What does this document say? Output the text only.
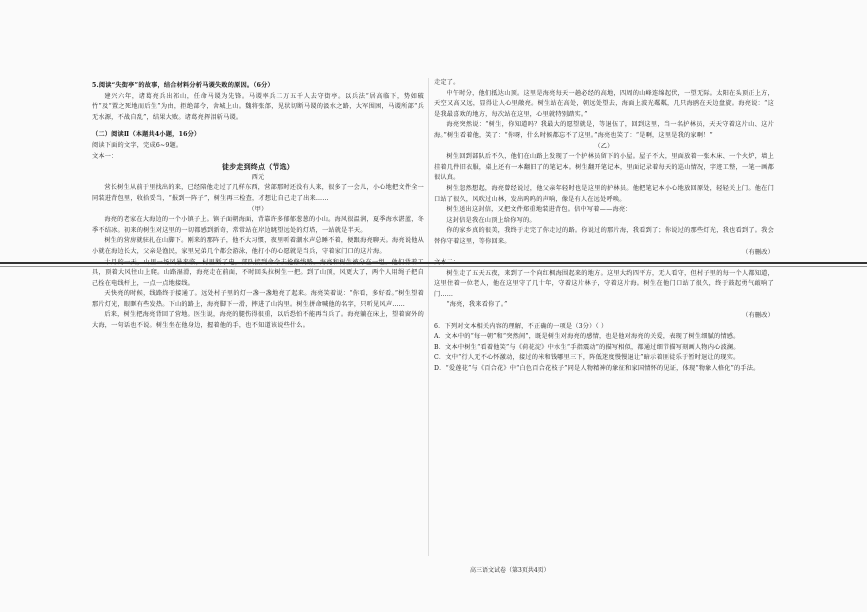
5.阅读“失街亭”的故事，结合材料分析马谡失败的原因。（6分）

建兴六年，诸葛亮兵出祁山，任命马谡为先锋。马谡率兵二万五千人去守街亭。以兵法“居高临下，势如破竹”及“置之死地而后生”为由，拒绝部令，舍城上山。魏将张郃，见状切断马谡的汲水之路，大军围困，马谡所部“兵无水源，不战自乱”，结果大败。诸葛亮挥泪斩马谡。

（二）阅读Ⅱ（本题共4小题，16分）

阅读下面的文字，完成6~9题。

文本一：

徒步走到终点（节选）

西元

营长树生从前于里找出的来，已经陪他走过了几样东西，营部那时还没有人来，很多了一会儿，小心地把文件全一同装进背包里，收拾妥当，“报到一阵子”，树生再三检查，才想让自己走了出来……

（甲）

海亮的老家在大海边的一个小镇子上。镇子面朝海面，背靠许多郁郁葱葱的小山。海风很温润，夏季海水湛蓝，冬季不结冰。初来的树生对这里的一切都感到新奇，常常站在岸边眺望远处的灯塔，一站就是半天。

树生的营房就驻扎在山脚下。刚来的那阵子，他不大习惯，夜里听着潮水声总睡不着，便跟海亮聊天。海亮说他从小就在海边长大，父亲是渔民，家里兄弟几个都会游泳，他打小的心愿就是当兵，守着家门口的这片海。

具，顶着大风往山上爬。山路湿滑，海亮走在前面，不时回头拉树生一把。到了山顶，风更大了，两个人用绳子把自己拴在电线杆上，一点一点地接线。

天快亮的时候，线路终于接通了。远处村子里的灯一盏一盏地亮了起来。海亮笑着说：“你看，多好看。”树生望着那片灯光，眼眶有些发热。下山的路上，海亮脚下一滑，摔进了山沟里。树生拼命喊他的名字，只听见风声……

后来，树生把海亮背回了营地。医生说，海亮的腿伤得很重，以后恐怕不能再当兵了。海亮躺在床上，望着窗外的大海，一句话也不说。树生坐在他身边，握着他的手，也不知道该说些什么。

走定了。

中午时分，他们抵达山顶。这里是海亮每天一趟必经的高地，四周的山峰连绵起伏，一望无际。太阳在头顶正上方，天空又高又远，显得让人心里敞亮。树生站在高处，朝远处望去，海面上波光粼粼，几只海鸥在天边盘旋。海亮说：“这是我最喜欢的地方，每次站在这里，心里就特别踏实。”

海亮突然说：“树生，你知道吗？我最大的愿望就是，等退伍了，回到这里，当一名护林员，天天守着这片山、这片海。”树生看着他，笑了：“你呀，什么时候都忘不了这里。”海亮也笑了：“是啊，这里是我的家啊！”

（乙）

树生回到部队后不久，他们在山路上发现了一个护林员留下的小屋。屋子不大，里面放着一张木床、一个火炉，墙上挂着几件旧衣服，桌上还有一本翻旧了的笔记本。树生翻开笔记本，里面记录着每天的巡山情况，字迹工整，一笔一画都很认真。

树生忽然想起，海亮曾经说过，他父亲年轻时也是这里的护林员。他把笔记本小心地放回原处，轻轻关上门。他在门口站了很久，风吹过山林，发出呜呜的声响，像是有人在远处呼唤。

树生送出这封信，又把文件郑重地装进背包。信中写着——海亮：

这封信是我在山顶上给你写的。

你的家乡真的很美，我终于走完了你走过的路。你说过的那片海，我看到了；你说过的那些灯光，我也看到了。我会替你守着这里，等你回来。

（有删改）

树生走了五天五夜，来到了一个向红枫海围起来的地方。这里大约四平方，无人看守，但村子里的每一个人都知道，这里住着一位老人，他在这里守了几十年，守着这片林子，守着这片海。树生在他门口站了很久，终于鼓起勇气敲响了门……

“海亮，我来看你了。”

（有删改）

6．下列对文本相关内容的理解，不正确的一项是（3分）（ ）

A．文本中的“每一朝”和“突然间”，既是树生对海亮的感情，也是他对海亮的关爱，表现了树生细腻的情感。

B．文本中树生“看着他笑”与《荷花淀》中水生“手指震动”的描写相似，都通过细节描写刻画人物内心波澜。

C．文中“行人无不心怀激动，接过的米和钱哪里三下，阵低迷度慢慢退让”暗示着匪徒乐于暂时退让的现实。

D．“爱莲花”与《百合花》中“白色百合花枝子”同是人物精神的象征和家国情怀的见证，体现“物象人格化”的手法。

高三语文试卷（第3页共4页）
